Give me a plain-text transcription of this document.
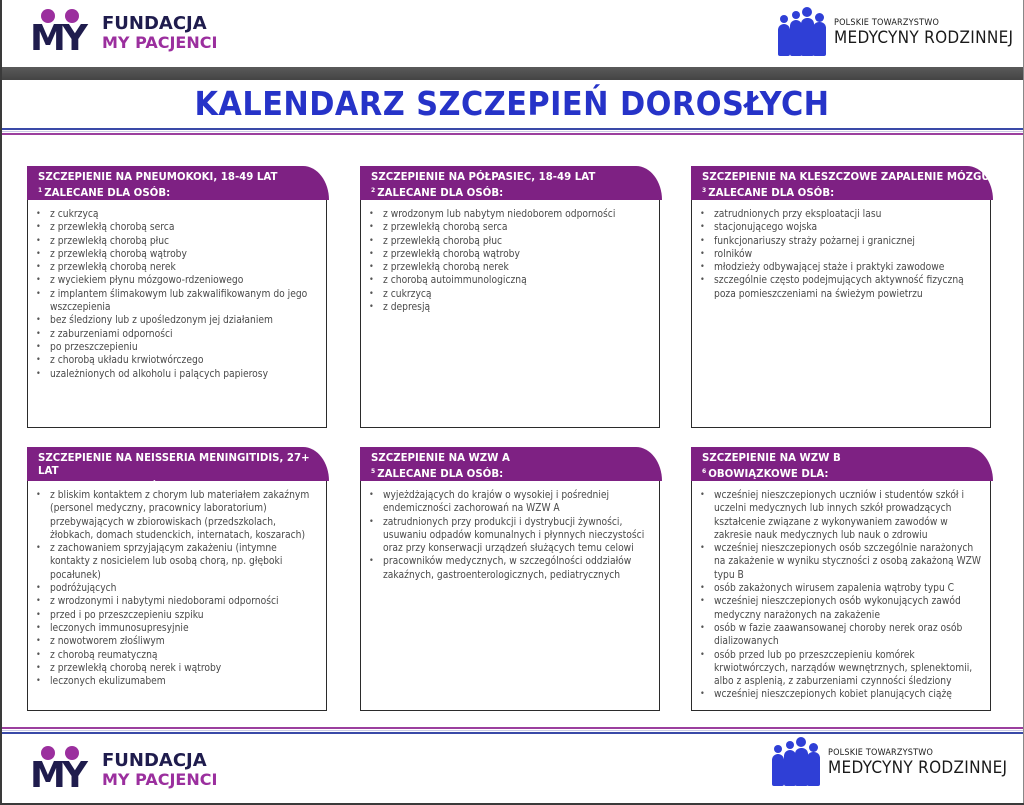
MY FUNDACJA
MY PACJENCI
POLSKIE TOWARZYSTWO
MEDYCYNY RODZINNEJ
KALENDARZ SZCZEPIEŃ DOROSŁYCH
SZCZEPIENIE NA PNEUMOKOKI, 18-49 LAT
$^1$ ZALECANE DLA OSÓB:
• z cukrzycą
• z przewlekłą chorobą serca
• z przewlekłą chorobą płuc
• z przewlekłą chorobą wątroby
• z przewlekłą chorobą nerek
• z wyciekiem płynu mózgowo-rdzeniowego
• z implantem ślimakowym lub zakwalifikowanym do jego wszczepienia
• bez śledziony lub z upośledzonym jej działaniem
• z zaburzeniami odporności
• po przeszczepieniu
• z chorobą układu krwiotwórczego
• uzależnionych od alkoholu i palących papierosy
SZCZEPIENIE NA PÓŁPASIEC, 18-49 LAT
$^2$ ZALECANE DLA OSÓB:
• z wrodzonym lub nabytym niedoborem odporności
• z przewlekłą chorobą serca
• z przewlekłą chorobą płuc
• z przewlekłą chorobą wątroby
• z przewlekłą chorobą nerek
• z chorobą autoimmunologiczną
• z cukrzycą
• z depresją
SZCZEPIENIE NA KLESZCZOWE ZAPALENIE MÓZGU
$^3$ ZALECANE DLA OSÓB:
• zatrudnionych przy eksploatacji lasu
• stacjonującego wojska
• funkcjonariuszy straży pożarnej i granicznej
• rolników
• młodzieży odbywającej staże i praktyki zawodowe
• szczególnie często podejmujących aktywność fizyczną poza pomieszczeniami na świeżym powietrzu
SZCZEPIENIE NA NEISSERIA MENINGITIDIS, 27+ LAT
$^4$ ZALECANE DLA OSÓB:
• z bliskim kontaktem z chorym lub materiałem zakaźnym (personel medyczny, pracownicy laboratorium) przebywających w zbiorowiskach (przedszkolach, żłobkach, domach studenckich, internatach, koszarach)
• z zachowaniem sprzyjającym zakażeniu (intymne kontakty z nosicielem lub osobą chorą, np. głęboki pocałunek)
• podróżujących
• z wrodzonymi i nabytymi niedoborami odporności
• przed i po przeszczepieniu szpiku
• leczonych immunosupresyjnie
• z nowotworem złośliwym
• z chorobą reumatyczną
• z przewlekłą chorobą nerek i wątroby
• leczonych ekulizumabem
SZCZEPIENIE NA WZW A
$^5$ ZALECANE DLA OSÓB:
• wyjeżdżających do krajów o wysokiej i pośredniej endemiczności zachorowań na WZW A
• zatrudnionych przy produkcji i dystrybucji żywności, usuwaniu odpadów komunalnych i płynnych nieczystości oraz przy konserwacji urządzeń służących temu celowi
• pracowników medycznych, w szczególności oddziałów zakaźnych, gastroenterologicznych, pediatrycznych
SZCZEPIENIE NA WZW B
$^6$ OBOWIĄZKOWE DLA:
• wcześniej nieszczepionych uczniów i studentów szkół i uczelni medycznych lub innych szkół prowadzących kształcenie związane z wykonywaniem zawodów w zakresie nauk medycznych lub nauk o zdrowiu
• wcześniej nieszczepionych osób szczególnie narażonych na zakażenie w wyniku styczności z osobą zakażoną WZW typu B
• osób zakażonych wirusem zapalenia wątroby typu C
• wcześniej nieszczepionych osób wykonujących zawód medyczny narażonych na zakażenie
• osób w fazie zaawansowanej choroby nerek oraz osób dializowanych
• osób przed lub po przeszczepieniu komórek krwiotwórczych, narządów wewnętrznych, splenektomii, albo z asplenią, z zaburzeniami czynności śledziony
• wcześniej nieszczepionych kobiet planujących ciążę
MY FUNDACJA
MY PACJENCI
POLSKIE TOWARZYSTWO
MEDYCYNY RODZINNEJ
